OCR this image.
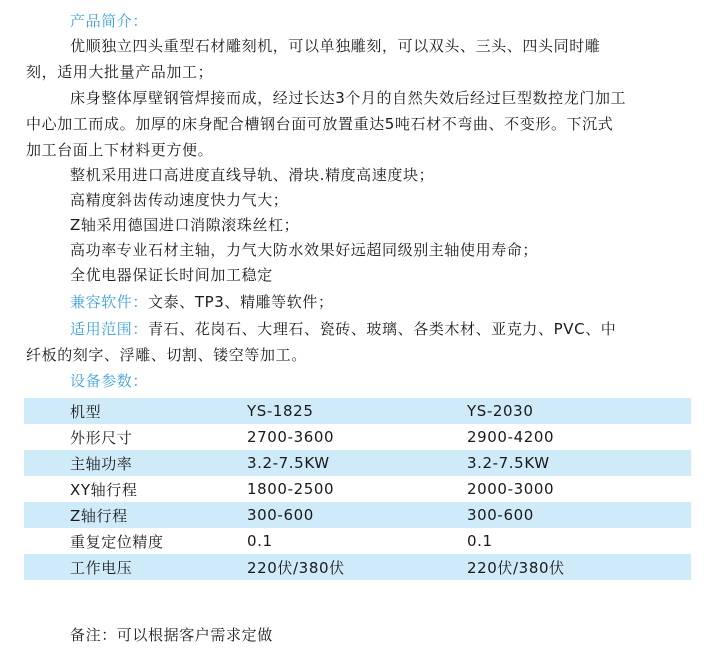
产品简介：
优顺独立四头重型石材雕刻机，可以单独雕刻，可以双头、三头、四头同时雕
刻，适用大批量产品加工；
床身整体厚壁钢管焊接而成，经过长达3个月的自然失效后经过巨型数控龙门加工
中心加工而成。加厚的床身配合槽钢台面可放置重达5吨石材不弯曲、不变形。下沉式
加工台面上下材料更方便。
整机采用进口高进度直线导轨、滑块.精度高速度块；
高精度斜齿传动速度快力气大；
Z轴采用德国进口消隙滚珠丝杠；
高功率专业石材主轴，力气大防水效果好远超同级别主轴使用寿命；
全优电器保证长时间加工稳定
兼容软件：文泰、TP3、精雕等软件；
适用范围：青石、花岗石、大理石、瓷砖、玻璃、各类木材、亚克力、PVC、中
纤板的刻字、浮雕、切割、镂空等加工。
设备参数：
机型	YS-1825	YS-2030
外形尺寸	2700-3600	2900-4200
主轴功率	3.2-7.5KW	3.2-7.5KW
XY轴行程	1800-2500	2000-3000
Z轴行程	300-600	300-600
重复定位精度	0.1	0.1
工作电压	220伏/380伏	220伏/380伏
备注：可以根据客户需求定做
